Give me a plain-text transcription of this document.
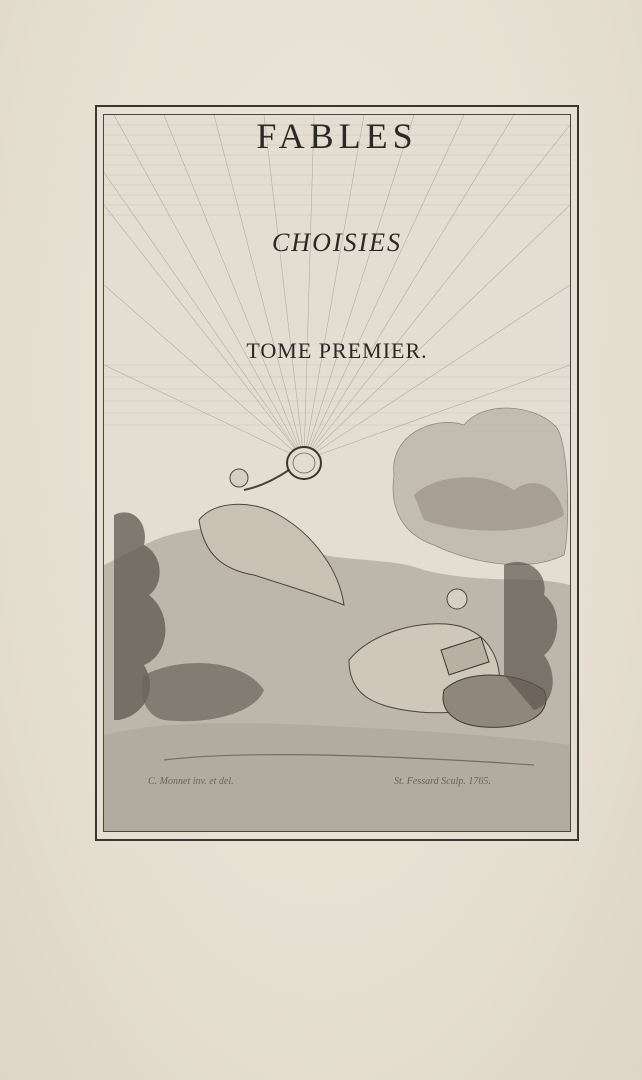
FABLES
CHOISIES
TOME PREMIER.
C. Monnet inv. et del.	St. Fessard Sculp. 1765.
